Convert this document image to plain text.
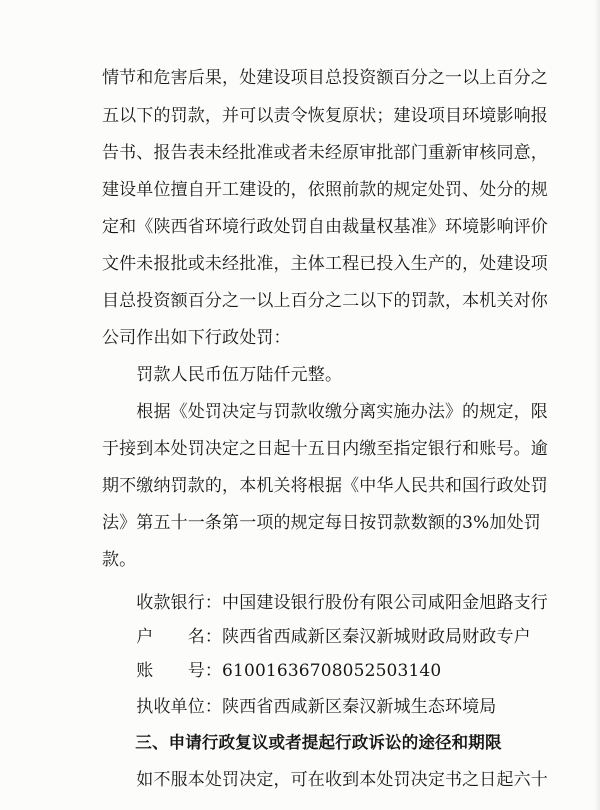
情节和危害后果，处建设项目总投资额百分之一以上百分之
五以下的罚款，并可以责令恢复原状；建设项目环境影响报
告书、报告表未经批准或者未经原审批部门重新审核同意，
建设单位擅自开工建设的，依照前款的规定处罚、处分的规
定和《陕西省环境行政处罚自由裁量权基准》环境影响评价
文件未报批或未经批准，主体工程已投入生产的，处建设项
目总投资额百分之一以上百分之二以下的罚款，本机关对你
公司作出如下行政处罚：
　　罚款人民币伍万陆仟元整。
　　根据《处罚决定与罚款收缴分离实施办法》的规定，限
于接到本处罚决定之日起十五日内缴至指定银行和账号。逾
期不缴纳罚款的，本机关将根据《中华人民共和国行政处罚
法》第五十一条第一项的规定每日按罚款数额的3%加处罚
款。
　　收款银行：中国建设银行股份有限公司咸阳金旭路支行
　　户　　名：陕西省西咸新区秦汉新城财政局财政专户
　　账　　号：61001636708052503140
　　执收单位：陕西省西咸新区秦汉新城生态环境局
　　三、申请行政复议或者提起行政诉讼的途径和期限
　　如不服本处罚决定，可在收到本处罚决定书之日起六十
